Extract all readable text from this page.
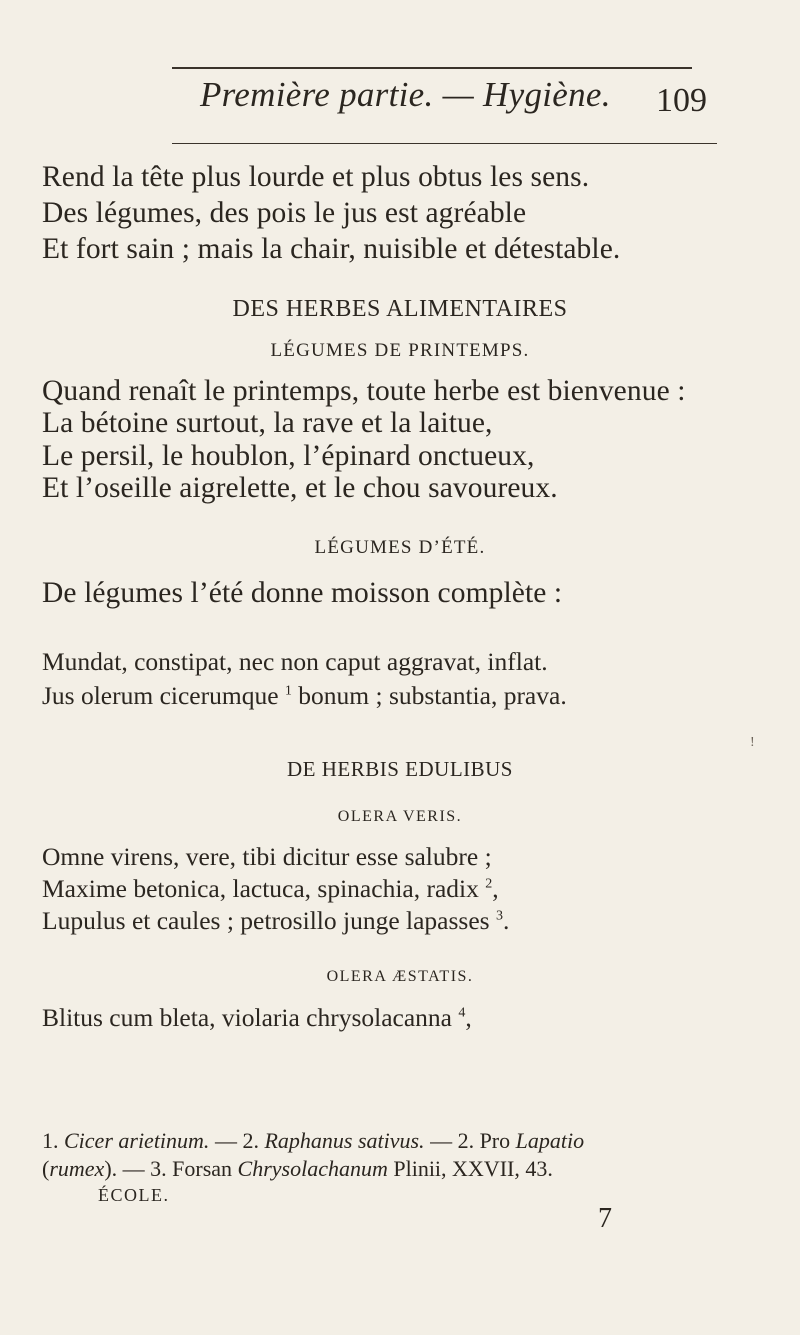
Première partie. — Hygiène. 109
Rend la tête plus lourde et plus obtus les sens.
Des légumes, des pois le jus est agréable
Et fort sain ; mais la chair, nuisible et détestable.
DES HERBES ALIMENTAIRES
LÉGUMES DE PRINTEMPS.
Quand renaît le printemps, toute herbe est bienvenue :
La bétoine surtout, la rave et la laitue,
Le persil, le houblon, l’épinard onctueux,
Et l’oseille aigrelette, et le chou savoureux.
LÉGUMES D’ÉTÉ.
De légumes l’été donne moisson complète :
Mundat, constipat, nec non caput aggravat, inflat.
Jus olerum cicerumque $^1$ bonum ; substantia, prava.
DE HERBIS EDULIBUS
OLERA VERIS.
Omne virens, vere, tibi dicitur esse salubre ;
Maxime betonica, lactuca, spinachia, radix $^2$,
Lupulus et caules ; petrosillo junge lapasses $^3$.
OLERA ÆSTATIS.
Blitus cum bleta, violaria chrysolacanna $^4$,
1. Cicer arietinum. — 2. Raphanus sativus. — 2. Pro Lapatio
(rumex). — 3. Forsan Chrysolachanum Plinii, XXVII, 43.
ÉCOLE.
7
!
